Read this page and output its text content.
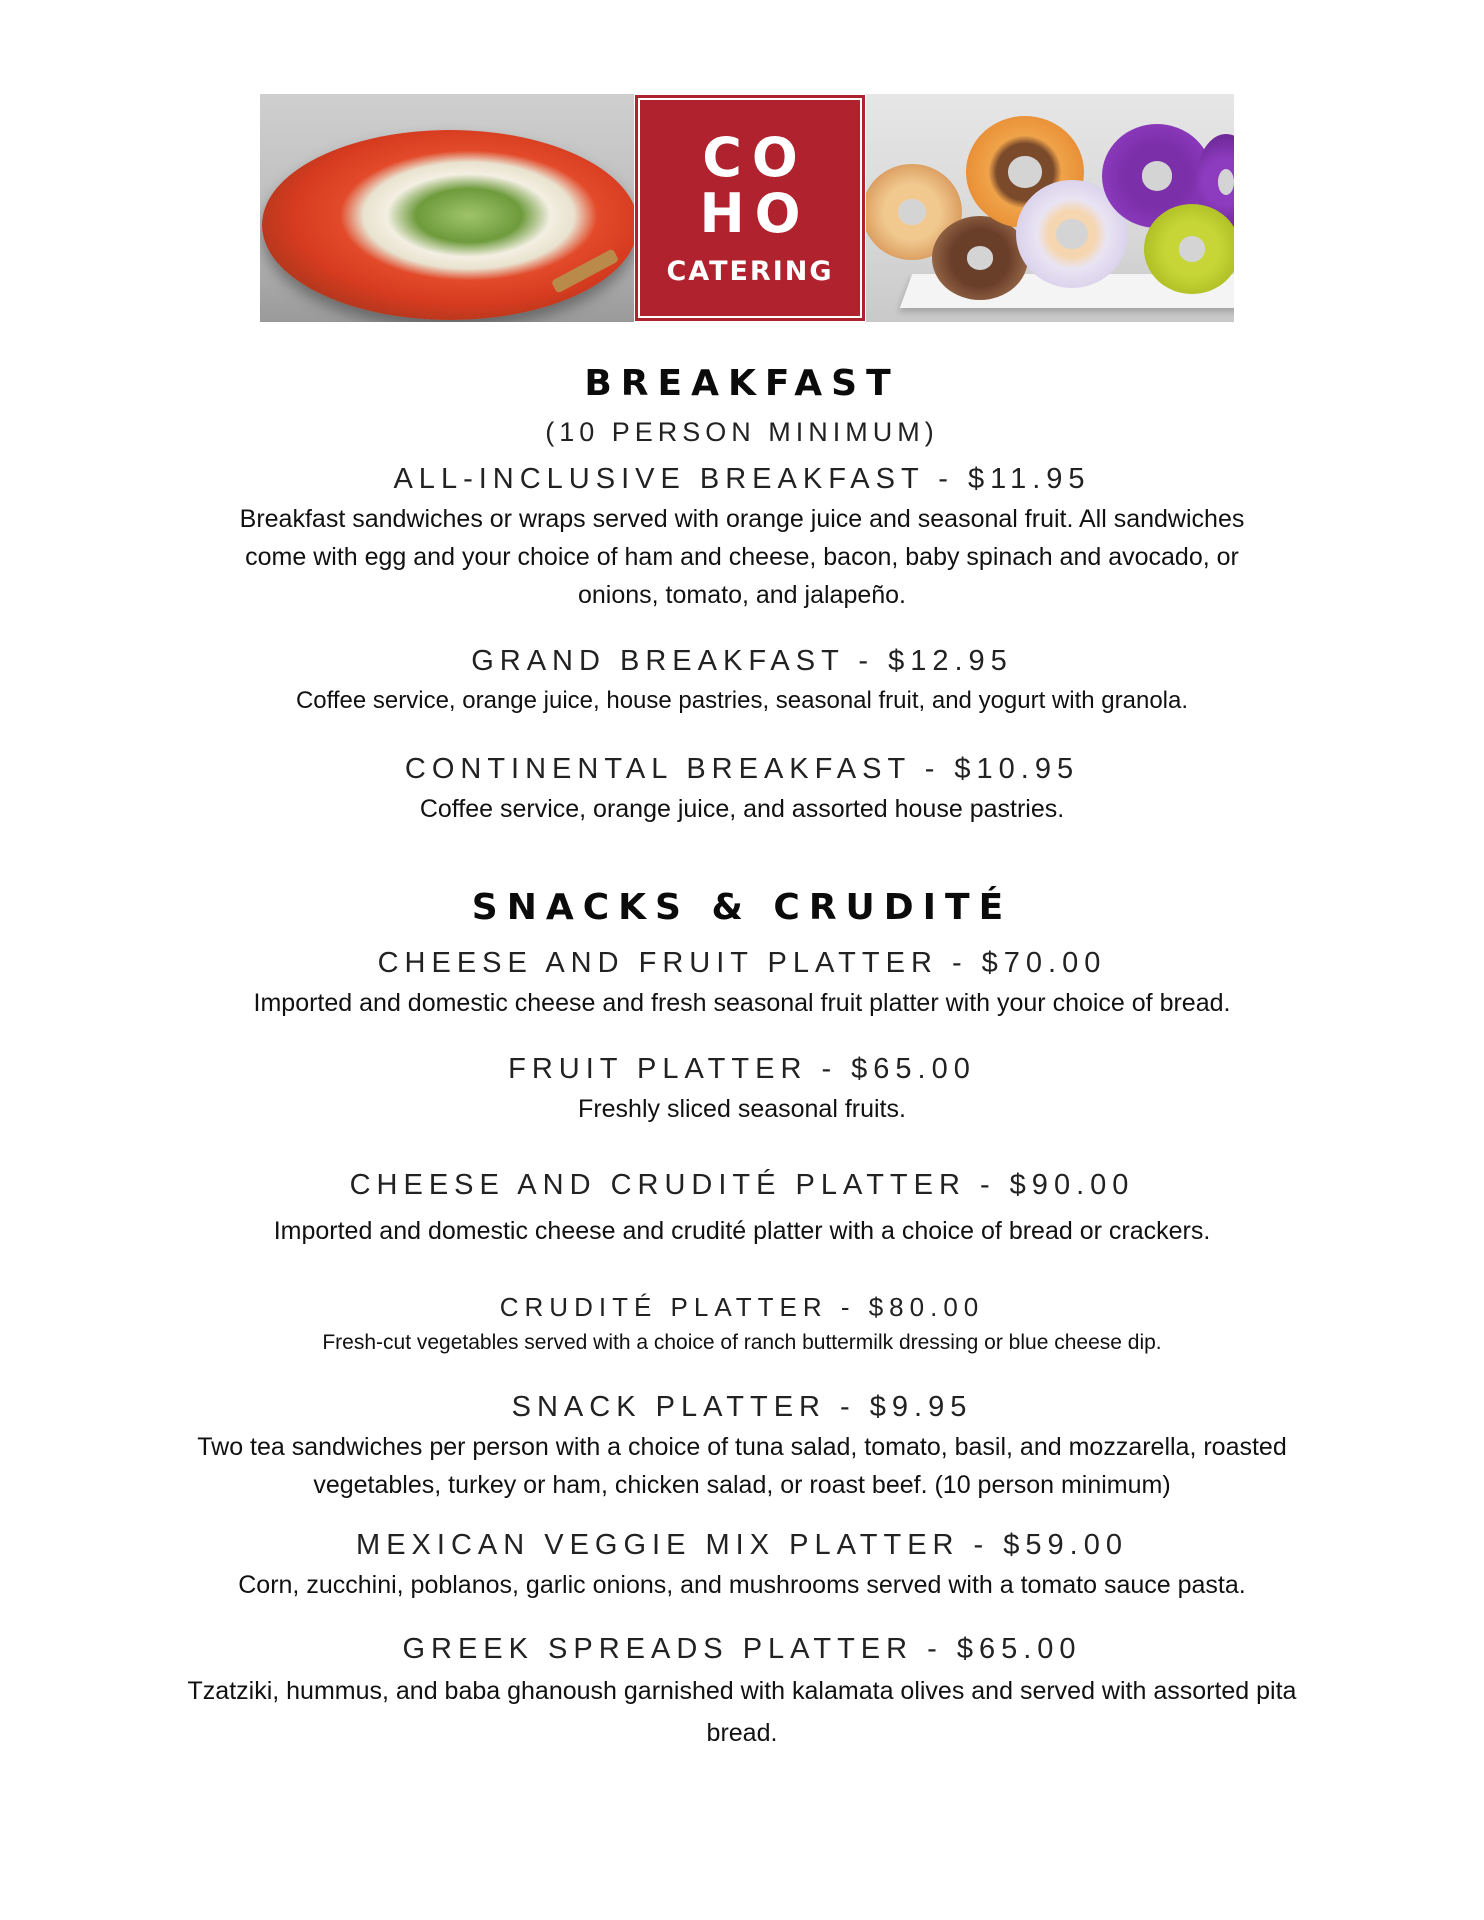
CO
HO
CATERING
BREAKFAST
(10 PERSON MINIMUM)
ALL-INCLUSIVE BREAKFAST - $11.95
Breakfast sandwiches or wraps served with orange juice and seasonal fruit. All sandwiches come with egg and your choice of ham and cheese, bacon, baby spinach and avocado, or onions, tomato, and jalapeño.
GRAND BREAKFAST - $12.95
Coffee service, orange juice, house pastries, seasonal fruit, and yogurt with granola.
CONTINENTAL BREAKFAST - $10.95
Coffee service, orange juice, and assorted house pastries.
SNACKS & CRUDITÉ
CHEESE AND FRUIT PLATTER - $70.00
Imported and domestic cheese and fresh seasonal fruit platter with your choice of bread.
FRUIT PLATTER - $65.00
Freshly sliced seasonal fruits.
CHEESE AND CRUDITÉ PLATTER - $90.00
Imported and domestic cheese and crudité platter with a choice of bread or crackers.
CRUDITÉ PLATTER - $80.00
Fresh-cut vegetables served with a choice of ranch buttermilk dressing or blue cheese dip.
SNACK PLATTER - $9.95
Two tea sandwiches per person with a choice of tuna salad, tomato, basil, and mozzarella, roasted vegetables, turkey or ham, chicken salad, or roast beef. (10 person minimum)
MEXICAN VEGGIE MIX PLATTER - $59.00
Corn, zucchini, poblanos, garlic onions, and mushrooms served with a tomato sauce pasta.
GREEK SPREADS PLATTER - $65.00
Tzatziki, hummus, and baba ghanoush garnished with kalamata olives and served with assorted pita bread.
